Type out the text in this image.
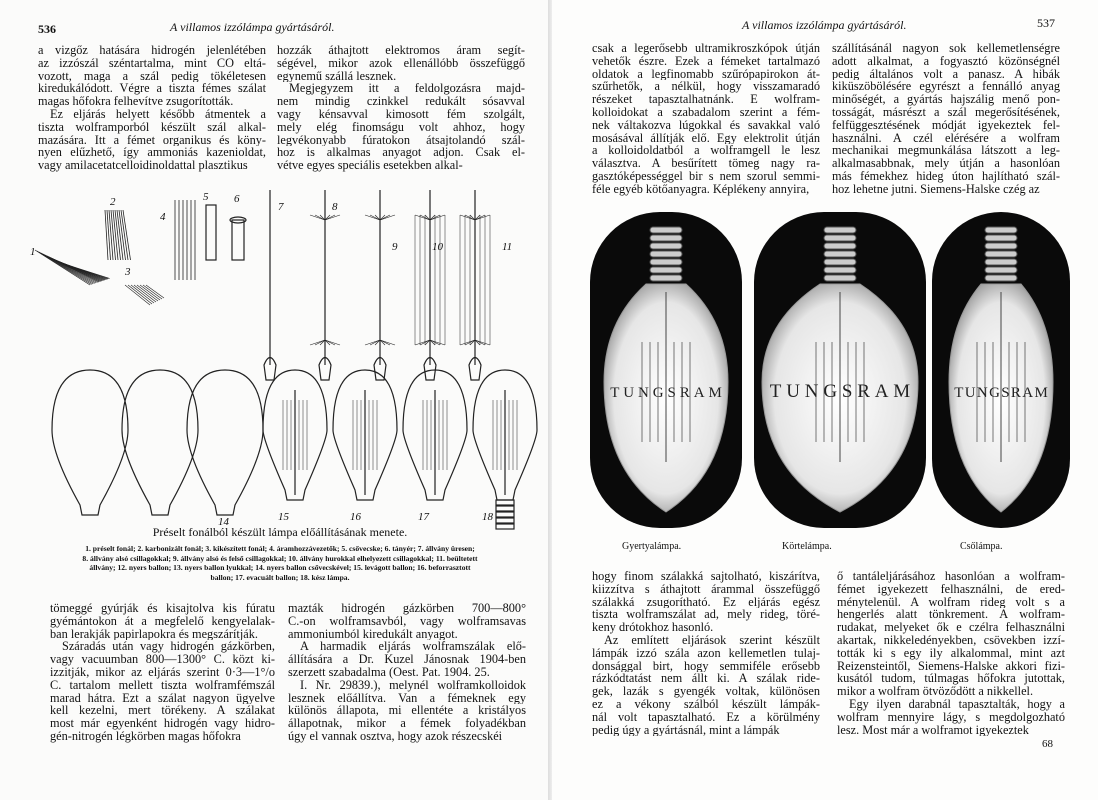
536	A villamos izzólámpa gyártásáról.
a vizgőz hatására hidrogén jelenlétében
az izzószál széntartalma, mint CO eltá-
vozott, maga a szál pedig tökéletesen
kiredukálódott. Végre a tiszta fémes szálat
magas hőfokra felhevítve zsugorították.
Ez eljárás helyett később átmentek a
tiszta wolframporból készült szál alkal-
mazására. Itt a fémet organikus és köny-
nyen elűzhető, így ammoniás kazenioldat,
vagy amilacetatcelloidinoldattal plasztikus
hozzák áthajtott elektromos áram segít-
ségével, mikor azok ellenállóbb összefüggő
egynemű szállá lesznek.
Megjegyzem itt a feldolgozásra majd-
nem mindig czinkkel redukált sósavval
vagy kénsavval kimosott fém szolgált,
mely elég finomságu volt ahhoz, hogy
legvékonyabb fúratokon átsajtolandó szál-
hoz is alkalmas anyagot adjon. Csak el-
vétve egyes speciális esetekben alkal-
1
2
3
4
5 6
7	8
9	10	11
14	15	16	17	18
Préselt fonálból készült lámpa előállításának menete.
1. préselt fonál; 2. karbonizált fonál; 3. kikészített fonál; 4. áramhozzávezetők; 5. csővecske; 6. tányér; 7. állvány üresen;
8. állvány alsó csillagokkal; 9. állvány alsó és felső csillagokkal; 10. állvány hurokkal elhelyezett csillagokkal; 11. beültetett
állvány; 12. nyers ballon; 13. nyers ballon lyukkal; 14. nyers ballon csővecskével; 15. levágott ballon; 16. beforrasztott
ballon; 17. evacuált ballon; 18. kész lámpa.
tömeggé gyúrják és kisajtolva kis fúratu
gyémántokon át a megfelelő kengyelalak-
ban lerakják papirlapokra és megszárítják.
Száradás után vagy hidrogén gázkörben,
vagy vacuumban 800—1300° C. közt ki-
izzitják, mikor az eljárás szerint 0·3—1°/o
C. tartalom mellett tiszta wolframfémszál
marad hátra. Ezt a szálat nagyon ügyelve
kell kezelni, mert törékeny. A szálakat
most már egyenként hidrogén vagy hidro-
gén-nitrogén légkörben magas hőfokra
mazták hidrogén gázkörben 700—800°
C.-on wolframsavból, vagy wolframsavas
ammoniumból kiredukált anyagot.
A harmadik eljárás wolframszálak elő-
állítására a Dr. Kuzel Jánosnak 1904-ben
szerzett szabadalma (Oest. Pat. 1904. 25.
I. Nr. 29839.), melynél wolframkolloidok
lesznek előállítva. Van a fémeknek egy
különös állapota, mi ellentéte a kristályos
állapotnak, mikor a fémek folyadékban
úgy el vannak osztva, hogy azok részecskéi
A villamos izzólámpa gyártásáról.	537
csak a legerősebb ultramikroszkópok útján
vehetők észre. Ezek a fémeket tartalmazó
oldatok a legfinomabb szűrópapirokon át-
szűrhetők, a nélkül, hogy visszamaradó
részeket tapasztalhatnánk. E wolfram-
kolloidokat a szabadalom szerint a fém-
nek váltakozva lúgokkal és savakkal való
mosásával állítják elő. Egy elektrolit útján
a kolloidoldatból a wolframgell le lesz
választva. A besűrített tömeg nagy ra-
gasztóképességgel bir s nem szorul semmi-
féle egyéb kötőanyagra. Képlékeny annyira,
szállításánál nagyon sok kellemetlenségre
adott alkalmat, a fogyasztó közönségnél
pedig általános volt a panasz. A hibák
kiküszöbölésére egyrészt a fennálló anyag
minőségét, a gyártás hajszálig menő pon-
tosságát, másrészt a szál megerősítésének,
felfüggesztésének módját igyekeztek fel-
használni. A czél elérésére a wolfram
mechanikai megmunkálása látszott a leg-
alkalmasabbnak, mely útján a hasonlóan
más fémekhez hideg úton hajlítható szál-
hoz lehetne jutni. Siemens-Halske czég az
TUNGSRAM	TUNGSRAM	TUNGSRAM
Gyertyalámpa.	Körtelámpa.	Csőlámpa.
hogy finom szálakká sajtolható, kiszárítva,
kiizzítva s áthajtott árammal összefüggő
szálakká zsugorítható. Ez eljárás egész
tiszta wolframszálat ad, mely rideg, töré-
keny drótokhoz hasonló.
Az említett eljárások szerint készült
lámpák izzó szála azon kellemetlen tulaj-
donsággal birt, hogy semmiféle erősebb
rázkódtatást nem állt ki. A szálak ride-
gek, lazák s gyengék voltak, különösen
ez a vékony szálból készült lámpák-
nál volt tapasztalható. Ez a körülmény
pedig úgy a gyártásnál, mint a lámpák
ő tantáleljárásához hasonlóan a wolfram-
fémet igyekezett felhasználni, de ered-
ménytelenül. A wolfram rideg volt s a
hengerlés alatt tönkrement. A wolfram-
rudakat, melyeket ők e czélra felhasználni
akartak, nikkeledényekben, csövekben izzí-
tották ki s egy ily alkalommal, mint azt
Reizensteintől, Siemens-Halske akkori fizi-
kusától tudom, túlmagas hőfokra jutottak,
mikor a wolfram ötvöződött a nikkellel.
Egy ilyen darabnál tapasztalták, hogy a
wolfram mennyire lágy, s megdolgozható
lesz. Most már a wolframot igyekeztek
68
